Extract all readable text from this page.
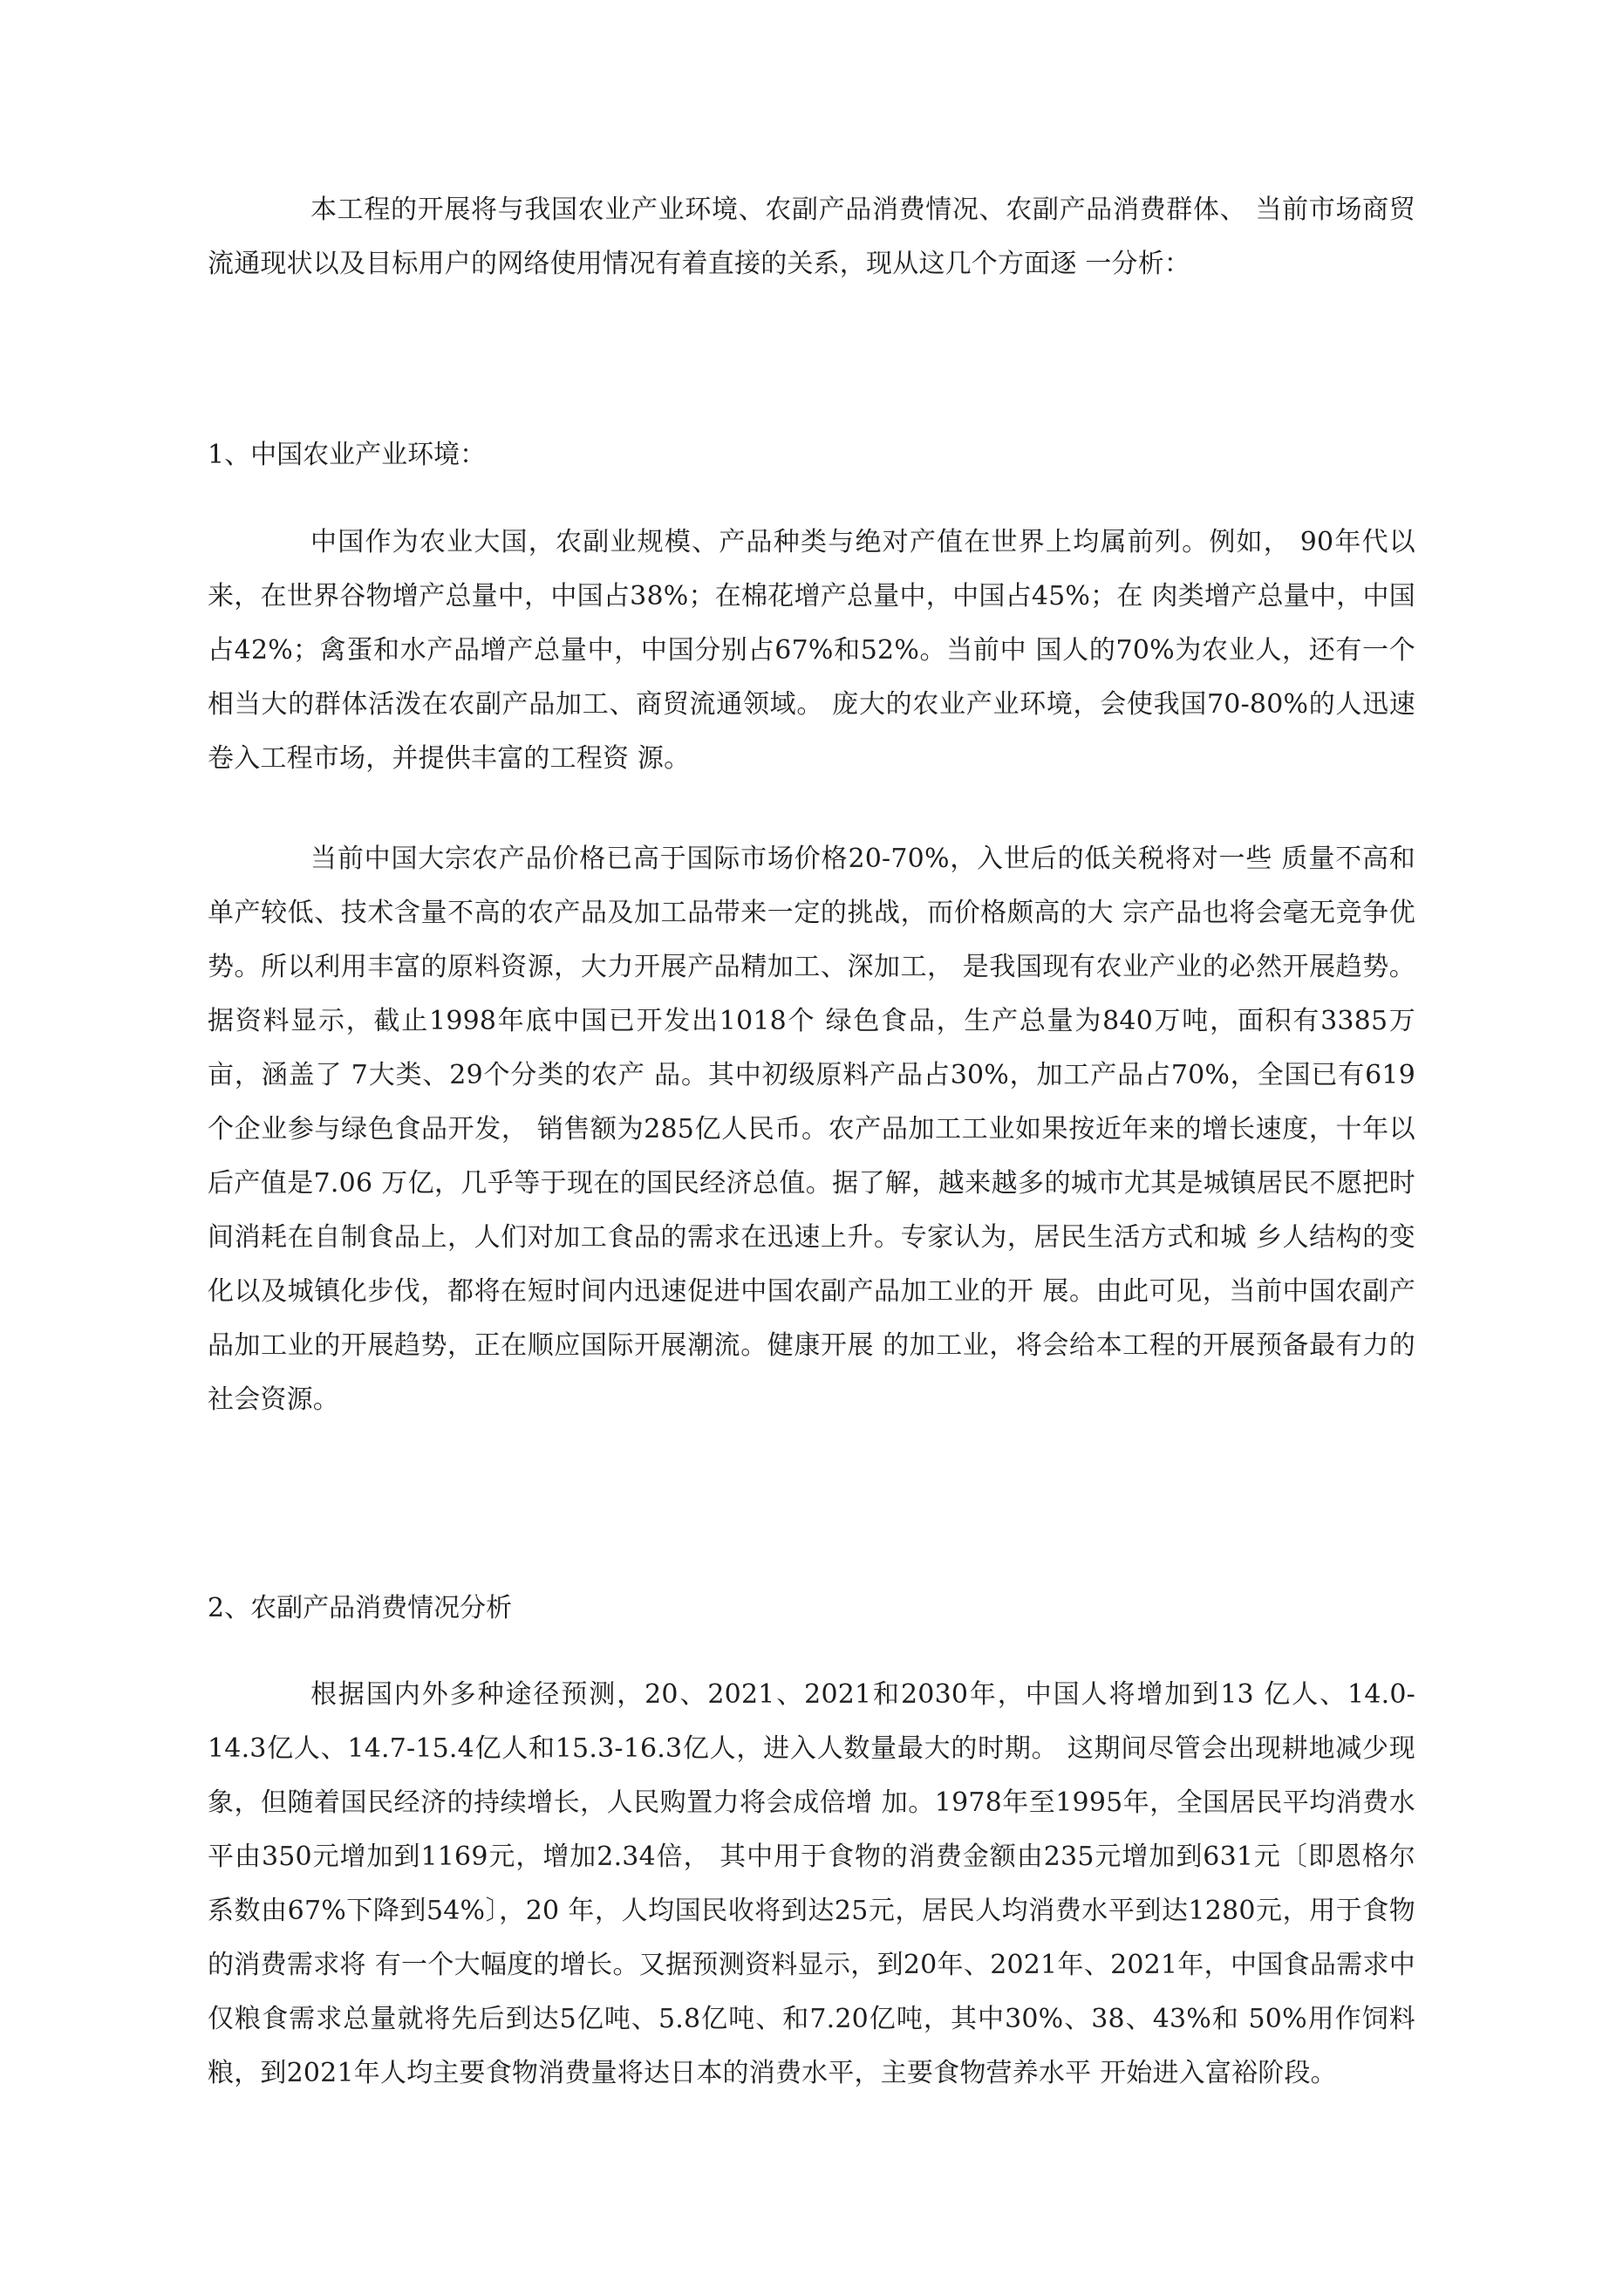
本工程的开展将与我国农业产业环境、农副产品消费情况、农副产品消费群体、 当前市场商贸流通现状以及目标用户的网络使用情况有着直接的关系，现从这几个方面逐 一分析：

1、中国农业产业环境：

中国作为农业大国，农副业规模、产品种类与绝对产值在世界上均属前列。例如， 90年代以来，在世界谷物增产总量中，中国占38%；在棉花增产总量中，中国占45%；在 肉类增产总量中，中国占42%；禽蛋和水产品增产总量中，中国分别占67%和52%。当前中 国人的70%为农业人，还有一个相当大的群体活泼在农副产品加工、商贸流通领域。 庞大的农业产业环境，会使我国70-80%的人迅速卷入工程市场，并提供丰富的工程资 源。

当前中国大宗农产品价格已高于国际市场价格20-70%，入世后的低关税将对一些 质量不高和单产较低、技术含量不高的农产品及加工品带来一定的挑战，而价格颇高的大 宗产品也将会毫无竞争优势。所以利用丰富的原料资源，大力开展产品精加工、深加工， 是我国现有农业产业的必然开展趋势。据资料显示，截止1998年底中国已开发出1018个 绿色食品，生产总量为840万吨，面积有3385万亩，涵盖了 7大类、29个分类的农产 品。其中初级原料产品占30%，加工产品占70%，全国已有619个企业参与绿色食品开发， 销售额为285亿人民币。农产品加工工业如果按近年来的增长速度，十年以后产值是7.06 万亿，几乎等于现在的国民经济总值。据了解，越来越多的城市尤其是城镇居民不愿把时 间消耗在自制食品上，人们对加工食品的需求在迅速上升。专家认为，居民生活方式和城 乡人结构的变化以及城镇化步伐，都将在短时间内迅速促进中国农副产品加工业的开 展。由此可见，当前中国农副产品加工业的开展趋势，正在顺应国际开展潮流。健康开展 的加工业，将会给本工程的开展预备最有力的社会资源。

2、农副产品消费情况分析

根据国内外多种途径预测，20、2021、2021和2030年，中国人将增加到13 亿人、14.0-14.3亿人、14.7-15.4亿人和15.3-16.3亿人，进入人数量最大的时期。 这期间尽管会出现耕地减少现象，但随着国民经济的持续增长，人民购置力将会成倍增 加。1978年至1995年，全国居民平均消费水平由350元增加到1169元，增加2.34倍， 其中用于食物的消费金额由235元增加到631元〔即恩格尔系数由67%下降到54%〕，20 年，人均国民收将到达25元，居民人均消费水平到达1280元，用于食物的消费需求将 有一个大幅度的增长。又据预测资料显示，到20年、2021年、2021年，中国食品需求中仅粮食需求总量就将先后到达5亿吨、5.8亿吨、和7.20亿吨，其中30%、38、43%和 50%用作饲料粮，到2021年人均主要食物消费量将达日本的消费水平，主要食物营养水平 开始进入富裕阶段。
